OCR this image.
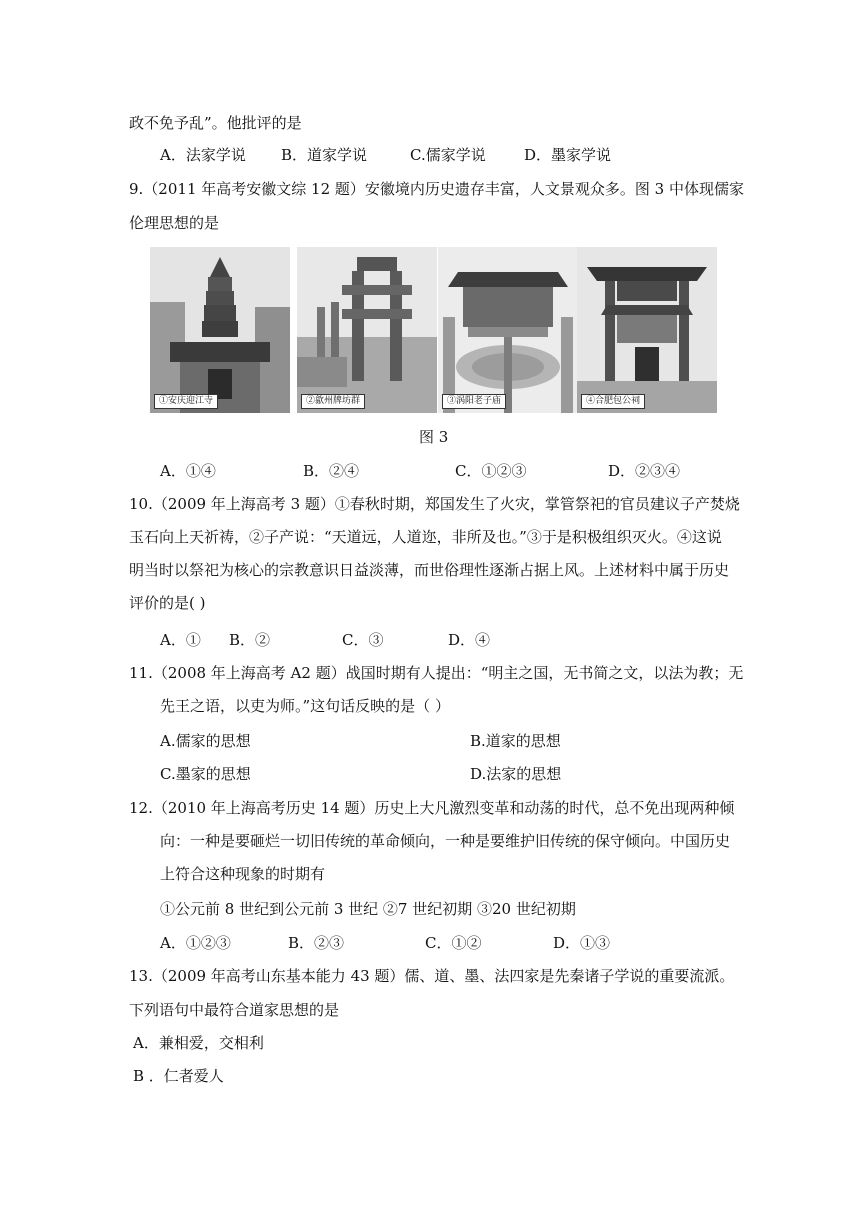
政不免予乱”。他批评的是
A．法家学说 B．道家学说	C.儒家学说	D．墨家学说
9.（2011 年高考安徽文综 12 题）安徽境内历史遗存丰富，人文景观众多。图 3 中体现儒家
伦理思想的是
①安庆迎江寺	②歙州牌坊群	③涡阳老子庙	④合肥包公祠
图 3
A．①④	B．②④	C．①②③	D．②③④
10.（2009 年上海高考 3 题）①春秋时期，郑国发生了火灾，掌管祭祀的官员建议子产焚烧
玉石向上天祈祷，②子产说：“天道远，人道迩，非所及也。”③于是积极组织灭火。④这说
明当时以祭祀为核心的宗教意识日益淡薄，而世俗理性逐渐占据上风。上述材料中属于历史
评价的是( )
A．① B．②	C．③	D．④
11.（2008 年上海高考 A2 题）战国时期有人提出：“明主之国，无书简之文，以法为教；无
先王之语，以吏为师。”这句话反映的是（ ）
A.儒家的思想	B.道家的思想
C.墨家的思想	D.法家的思想
12.（2010 年上海高考历史 14 题）历史上大凡激烈变革和动荡的时代，总不免出现两种倾
向：一种是要砸烂一切旧传统的革命倾向，一种是要维护旧传统的保守倾向。中国历史
上符合这种现象的时期有
①公元前 8 世纪到公元前 3 世纪 ②7 世纪初期 ③20 世纪初期
A．①②③	B．②③	C．①②	D．①③
13.（2009 年高考山东基本能力 43 题）儒、道、墨、法四家是先秦诸子学说的重要流派。
下列语句中最符合道家思想的是
A．兼相爱，交相利
B ．仁者爱人
